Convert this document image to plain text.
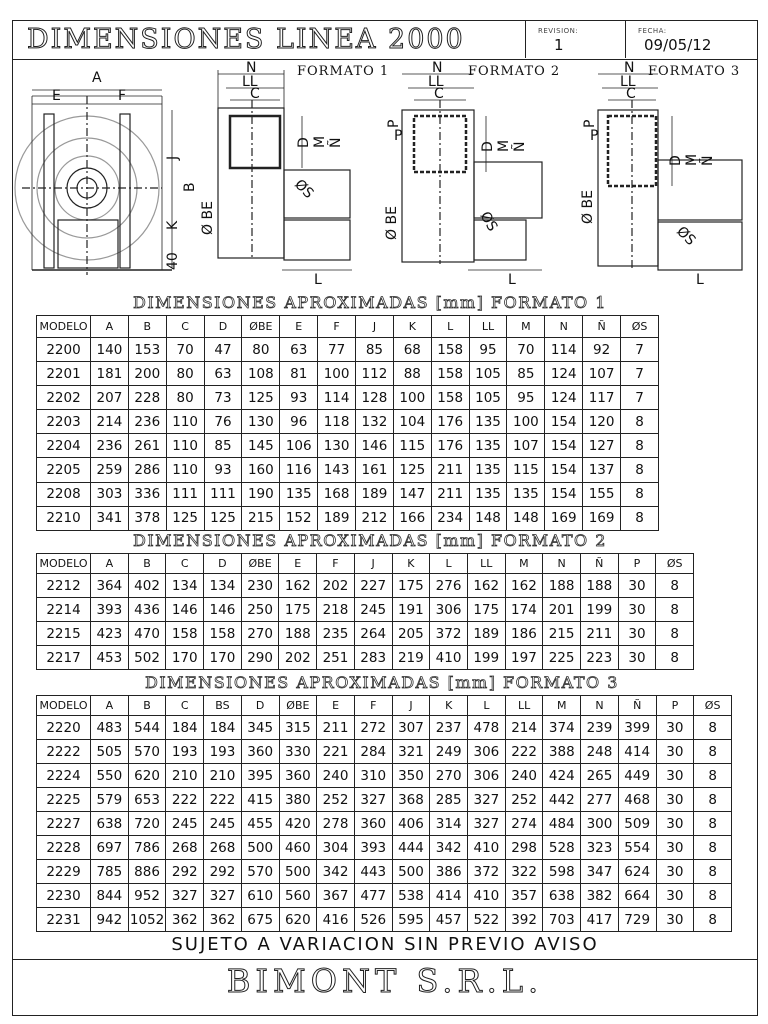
DIMENSIONES LINEA 2000	REVISION:
1
FECHA:
09/05/12
A
E	F
J
K
B
40
FORMATO 1
N
LL
C
D M Ñ
Ø BE
ØS
L
FORMATO 2
N
LL
C
P
P
D M Ñ
Ø BE	ØS
L
FORMATO 3
N
LL
C
P
P
D M Ñ
Ø BE
ØS
L
DIMENSIONES APROXIMADAS [mm] FORMATO 1
MODELO	A	B	C	D	ØBE	E	F	J	K	L	LL	M	N	Ñ	ØS
2200	140	153	70	47	80	63	77	85	68	158	95	70	114	92	7
2201	181	200	80	63	108	81	100	112	88	158	105	85	124	107	7
2202	207	228	80	73	125	93	114	128	100	158	105	95	124	117	7
2203	214	236	110	76	130	96	118	132	104	176	135	100	154	120	8
2204	236	261	110	85	145	106	130	146	115	176	135	107	154	127	8
2205	259	286	110	93	160	116	143	161	125	211	135	115	154	137	8
2208	303	336	111	111	190	135	168	189	147	211	135	135	154	155	8
2210	341	378	125	125	215	152	189	212	166	234	148	148	169	169	8
DIMENSIONES APROXIMADAS [mm] FORMATO 2
MODELO	A	B	C	D	ØBE	E	F	J	K	L	LL	M	N	Ñ	P	ØS
2212	364	402	134	134	230	162	202	227	175	276	162	162	188	188	30	8
2214	393	436	146	146	250	175	218	245	191	306	175	174	201	199	30	8
2215	423	470	158	158	270	188	235	264	205	372	189	186	215	211	30	8
2217	453	502	170	170	290	202	251	283	219	410	199	197	225	223	30	8
DIMENSIONES APROXIMADAS [mm] FORMATO 3
MODELO	A	B	C	BS	D	ØBE	E	F	J	K	L	LL	M	N	Ñ	P	ØS
2220	483	544	184	184	345	315	211	272	307	237	478	214	374	239	399	30	8
2222	505	570	193	193	360	330	221	284	321	249	306	222	388	248	414	30	8
2224	550	620	210	210	395	360	240	310	350	270	306	240	424	265	449	30	8
2225	579	653	222	222	415	380	252	327	368	285	327	252	442	277	468	30	8
2227	638	720	245	245	455	420	278	360	406	314	327	274	484	300	509	30	8
2228	697	786	268	268	500	460	304	393	444	342	410	298	528	323	554	30	8
2229	785	886	292	292	570	500	342	443	500	386	372	322	598	347	624	30	8
2230	844	952	327	327	610	560	367	477	538	414	410	357	638	382	664	30	8
2231	942	1052	362	362	675	620	416	526	595	457	522	392	703	417	729	30	8
SUJETO A VARIACION SIN PREVIO AVISO
BIMONT S.R.L.
